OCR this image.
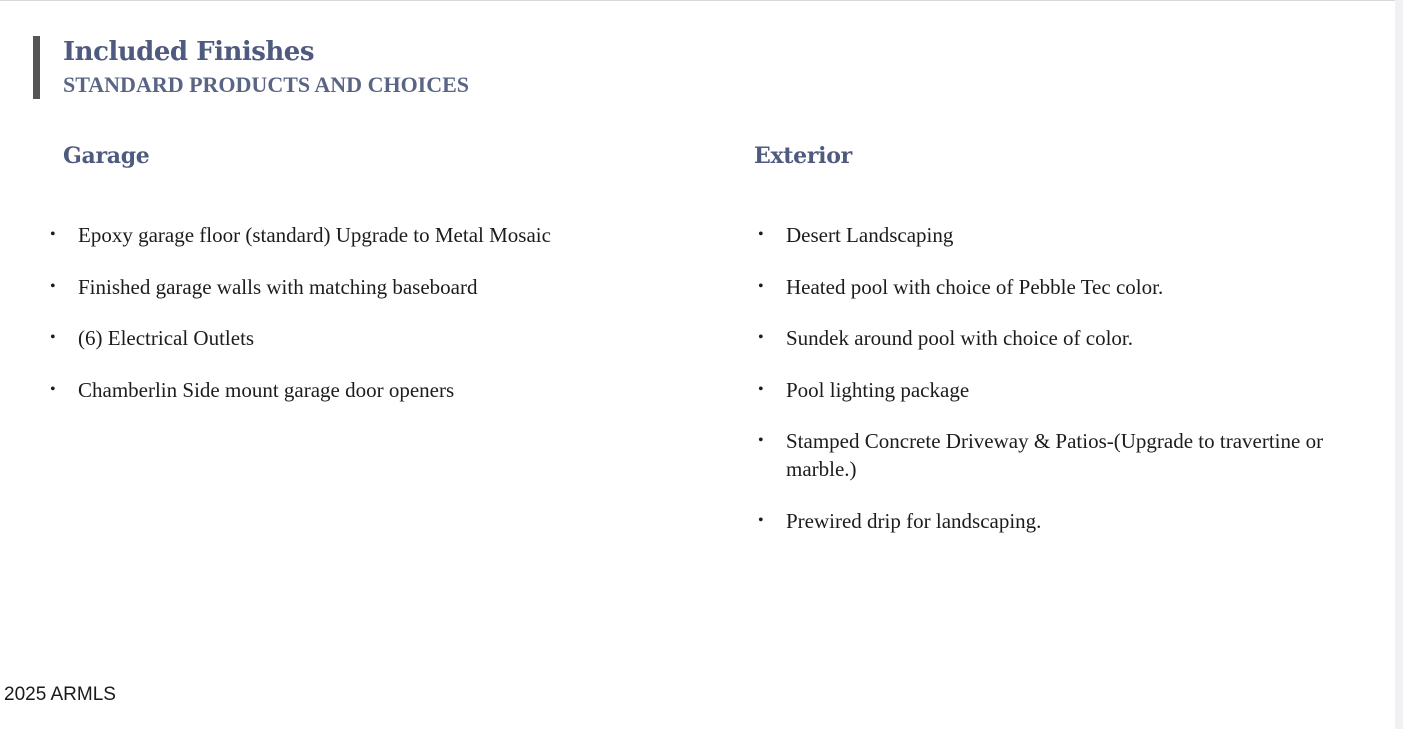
Included Finishes
STANDARD PRODUCTS AND CHOICES
Garage
• Epoxy garage floor (standard) Upgrade to Metal Mosaic
• Finished garage walls with matching baseboard
• (6) Electrical Outlets
• Chamberlin Side mount garage door openers
Exterior
• Desert Landscaping
• Heated pool with choice of Pebble Tec color.
• Sundek around pool with choice of color.
• Pool lighting package
• Stamped Concrete Driveway & Patios-(Upgrade to travertine or marble.)
• Prewired drip for landscaping.

2025 ARMLS
